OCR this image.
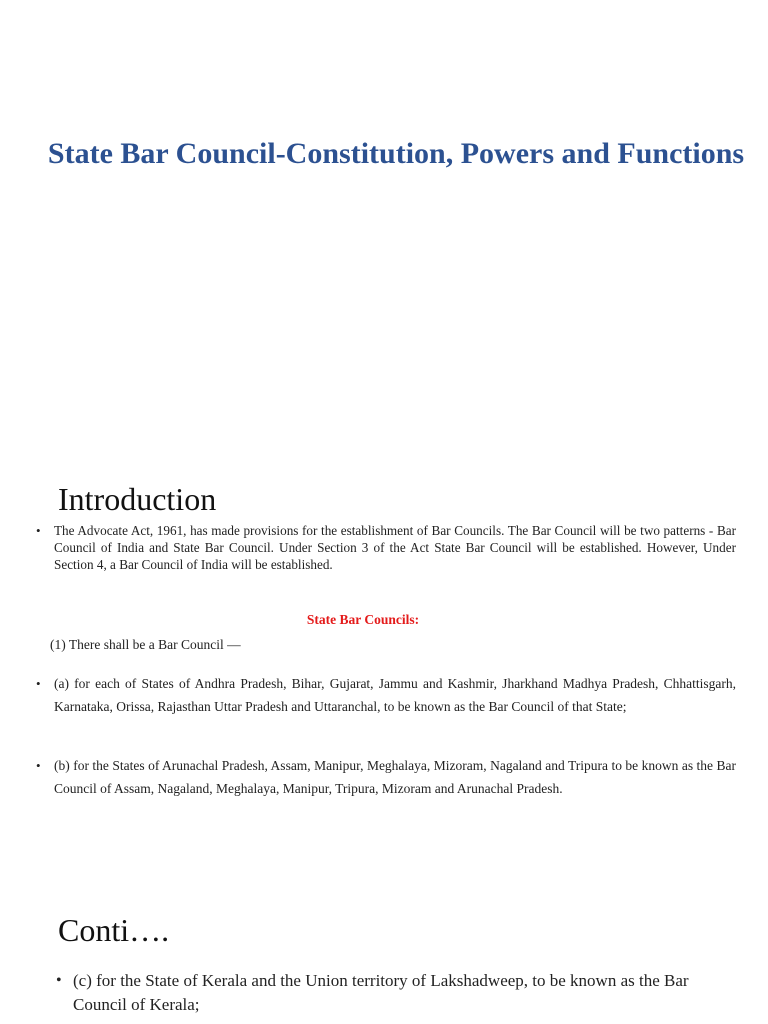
State Bar Council-Constitution, Powers and Functions
Introduction
• The Advocate Act, 1961, has made provisions for the establishment of Bar Councils. The Bar Council will be two patterns - Bar Council of India and State Bar Council. Under Section 3 of the Act State Bar Council will be established. However, Under Section 4, a Bar Council of India will be established.

State Bar Councils:

(1) There shall be a Bar Council —
• (a) for each of States of Andhra Pradesh, Bihar, Gujarat, Jammu and Kashmir, Jharkhand Madhya Pradesh, Chhattisgarh, Karnataka, Orissa, Rajasthan Uttar Pradesh and Uttaranchal, to be known as the Bar Council of that State;
• (b) for the States of Arunachal Pradesh, Assam, Manipur, Meghalaya, Mizoram, Nagaland and Tripura to be known as the Bar Council of Assam, Nagaland, Meghalaya, Manipur, Tripura, Mizoram and Arunachal Pradesh.
Conti….
• (c) for the State of Kerala and the Union territory of Lakshadweep, to be known as the Bar Council of Kerala;
